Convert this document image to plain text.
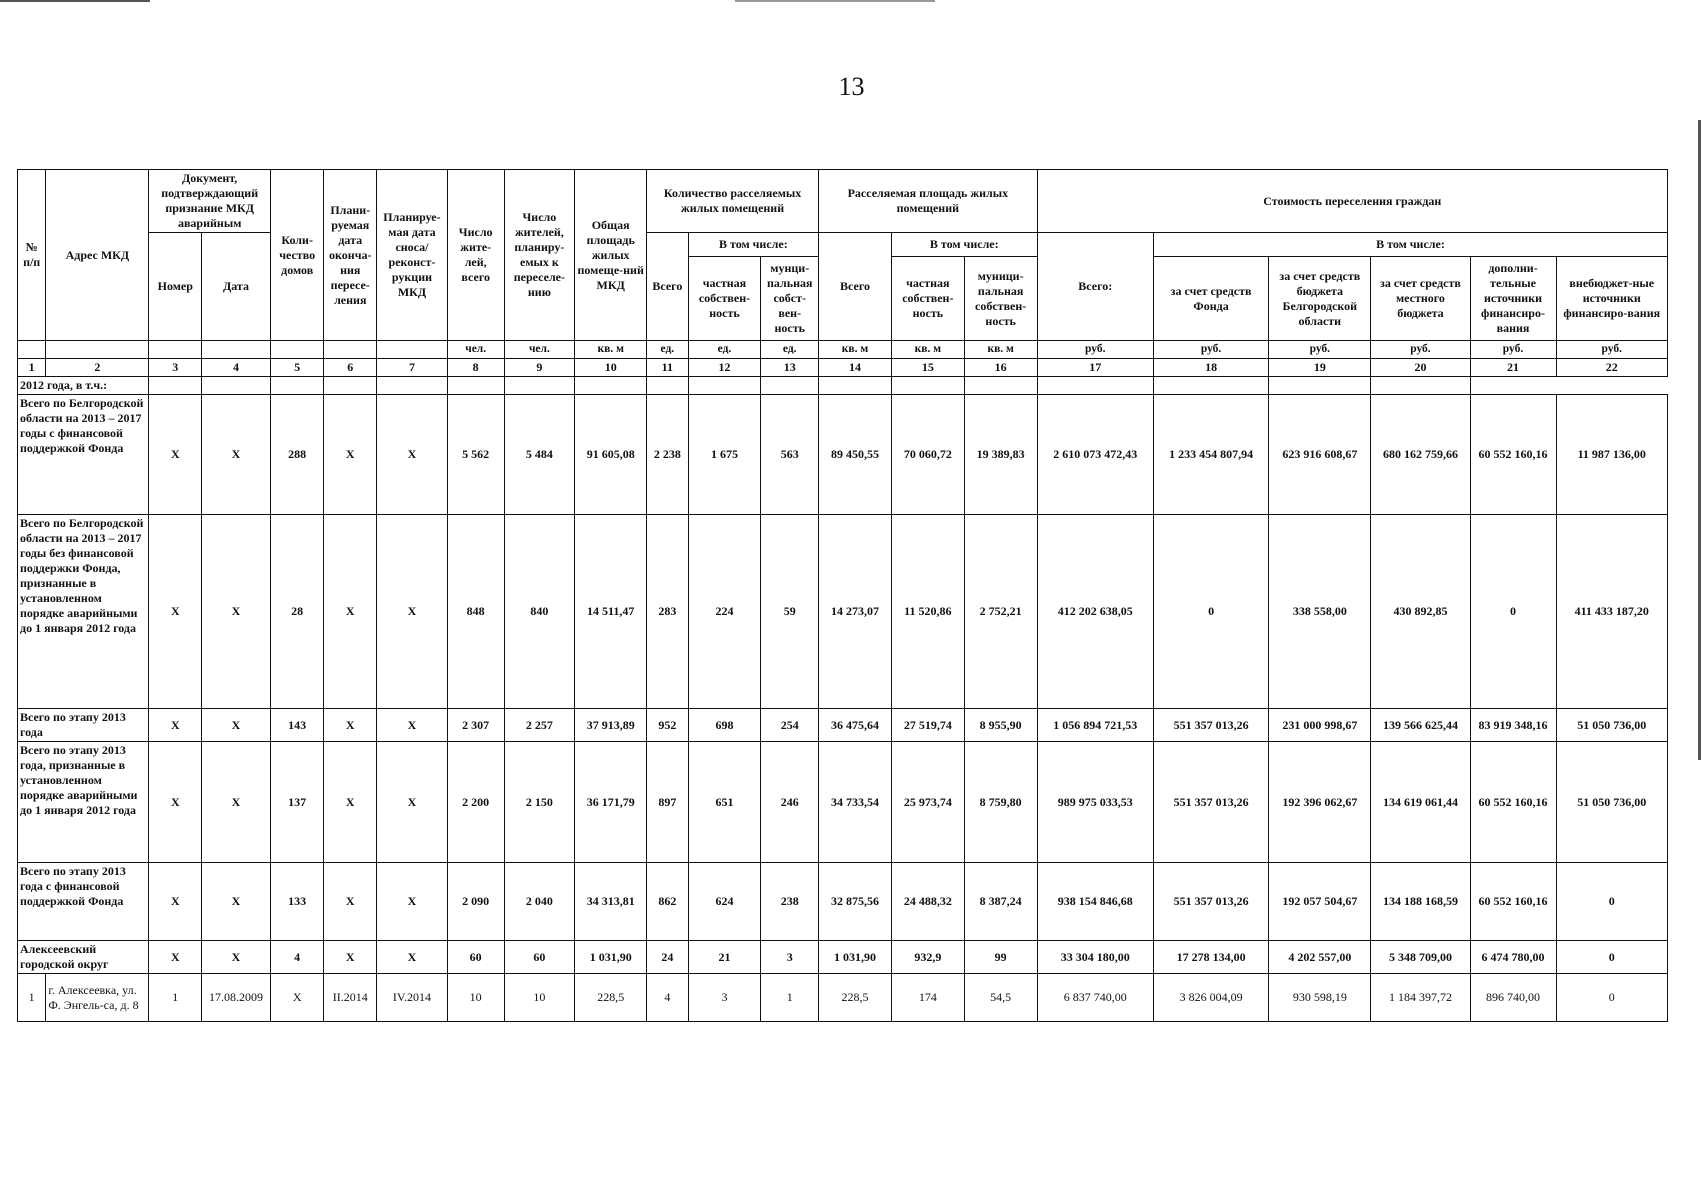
13
№ п/п	Адрес МКД	Документ, подтверждающий признание МКД аварийным		Коли-чество домов	Плани-руемая дата оконча-ния пересе-ления	Планируе-мая дата сноса/ реконст-рукции МКД	Число жите-лей, всего	Число жителей, планиру-емых к переселе-нию	Общая площадь жилых помеще-ний МКД	Количество расселяемых жилых помещений			Расселяемая площадь жилых помещений			Стоимость переселения граждан					
		Номер	Дата							Всего	В том числе:		Всего	В том числе:		Всего:	В том числе:				
											частная собствен-ность	мунци-пальная собст-вен-ность		частная собствен-ность	муници-пальная собствен-ность		за счет средств Фонда	за счет средств бюджета Белгородской области	за счет средств местного бюджета	дополни-тельные источники финансиро-вания	внебюджет-ные источники финансиро-вания
							чел.	чел.	кв. м	ед.	ед.	ед.	кв. м	кв. м	кв. м	руб.	руб.	руб.	руб.	руб.	руб.
1	2	3	4	5	6	7	8	9	10	11	12	13	14	15	16	17	18	19	20	21	22
2012 года, в т.ч.:																					
Всего по Белгородской области на 2013 – 2017 годы с финансовой поддержкой Фонда		X	X	288	X	X	5 562	5 484	91 605,08	2 238	1 675	563	89 450,55	70 060,72	19 389,83	2 610 073 472,43	1 233 454 807,94	623 916 608,67	680 162 759,66	60 552 160,16	11 987 136,00
Всего по Белгородской области на 2013 – 2017 годы без финансовой поддержки Фонда, признанные в установленном порядке аварийными до 1 января 2012 года		X	X	28	X	X	848	840	14 511,47	283	224	59	14 273,07	11 520,86	2 752,21	412 202 638,05	0	338 558,00	430 892,85	0	411 433 187,20
Всего по этапу 2013 года		X	X	143	X	X	2 307	2 257	37 913,89	952	698	254	36 475,64	27 519,74	8 955,90	1 056 894 721,53	551 357 013,26	231 000 998,67	139 566 625,44	83 919 348,16	51 050 736,00
Всего по этапу 2013 года, признанные в установленном порядке аварийными до 1 января 2012 года		X	X	137	X	X	2 200	2 150	36 171,79	897	651	246	34 733,54	25 973,74	8 759,80	989 975 033,53	551 357 013,26	192 396 062,67	134 619 061,44	60 552 160,16	51 050 736,00
Всего по этапу 2013 года с финансовой поддержкой Фонда		X	X	133	X	X	2 090	2 040	34 313,81	862	624	238	32 875,56	24 488,32	8 387,24	938 154 846,68	551 357 013,26	192 057 504,67	134 188 168,59	60 552 160,16	0
Алексеевский городской округ		X	X	4	X	X	60	60	1 031,90	24	21	3	1 031,90	932,9	99	33 304 180,00	17 278 134,00	4 202 557,00	5 348 709,00	6 474 780,00	0
1	г. Алексеевка, ул. Ф. Энгель-са, д. 8	1	17.08.2009	X	II.2014	IV.2014	10	10	228,5	4	3	1	228,5	174	54,5	6 837 740,00	3 826 004,09	930 598,19	1 184 397,72	896 740,00	0
